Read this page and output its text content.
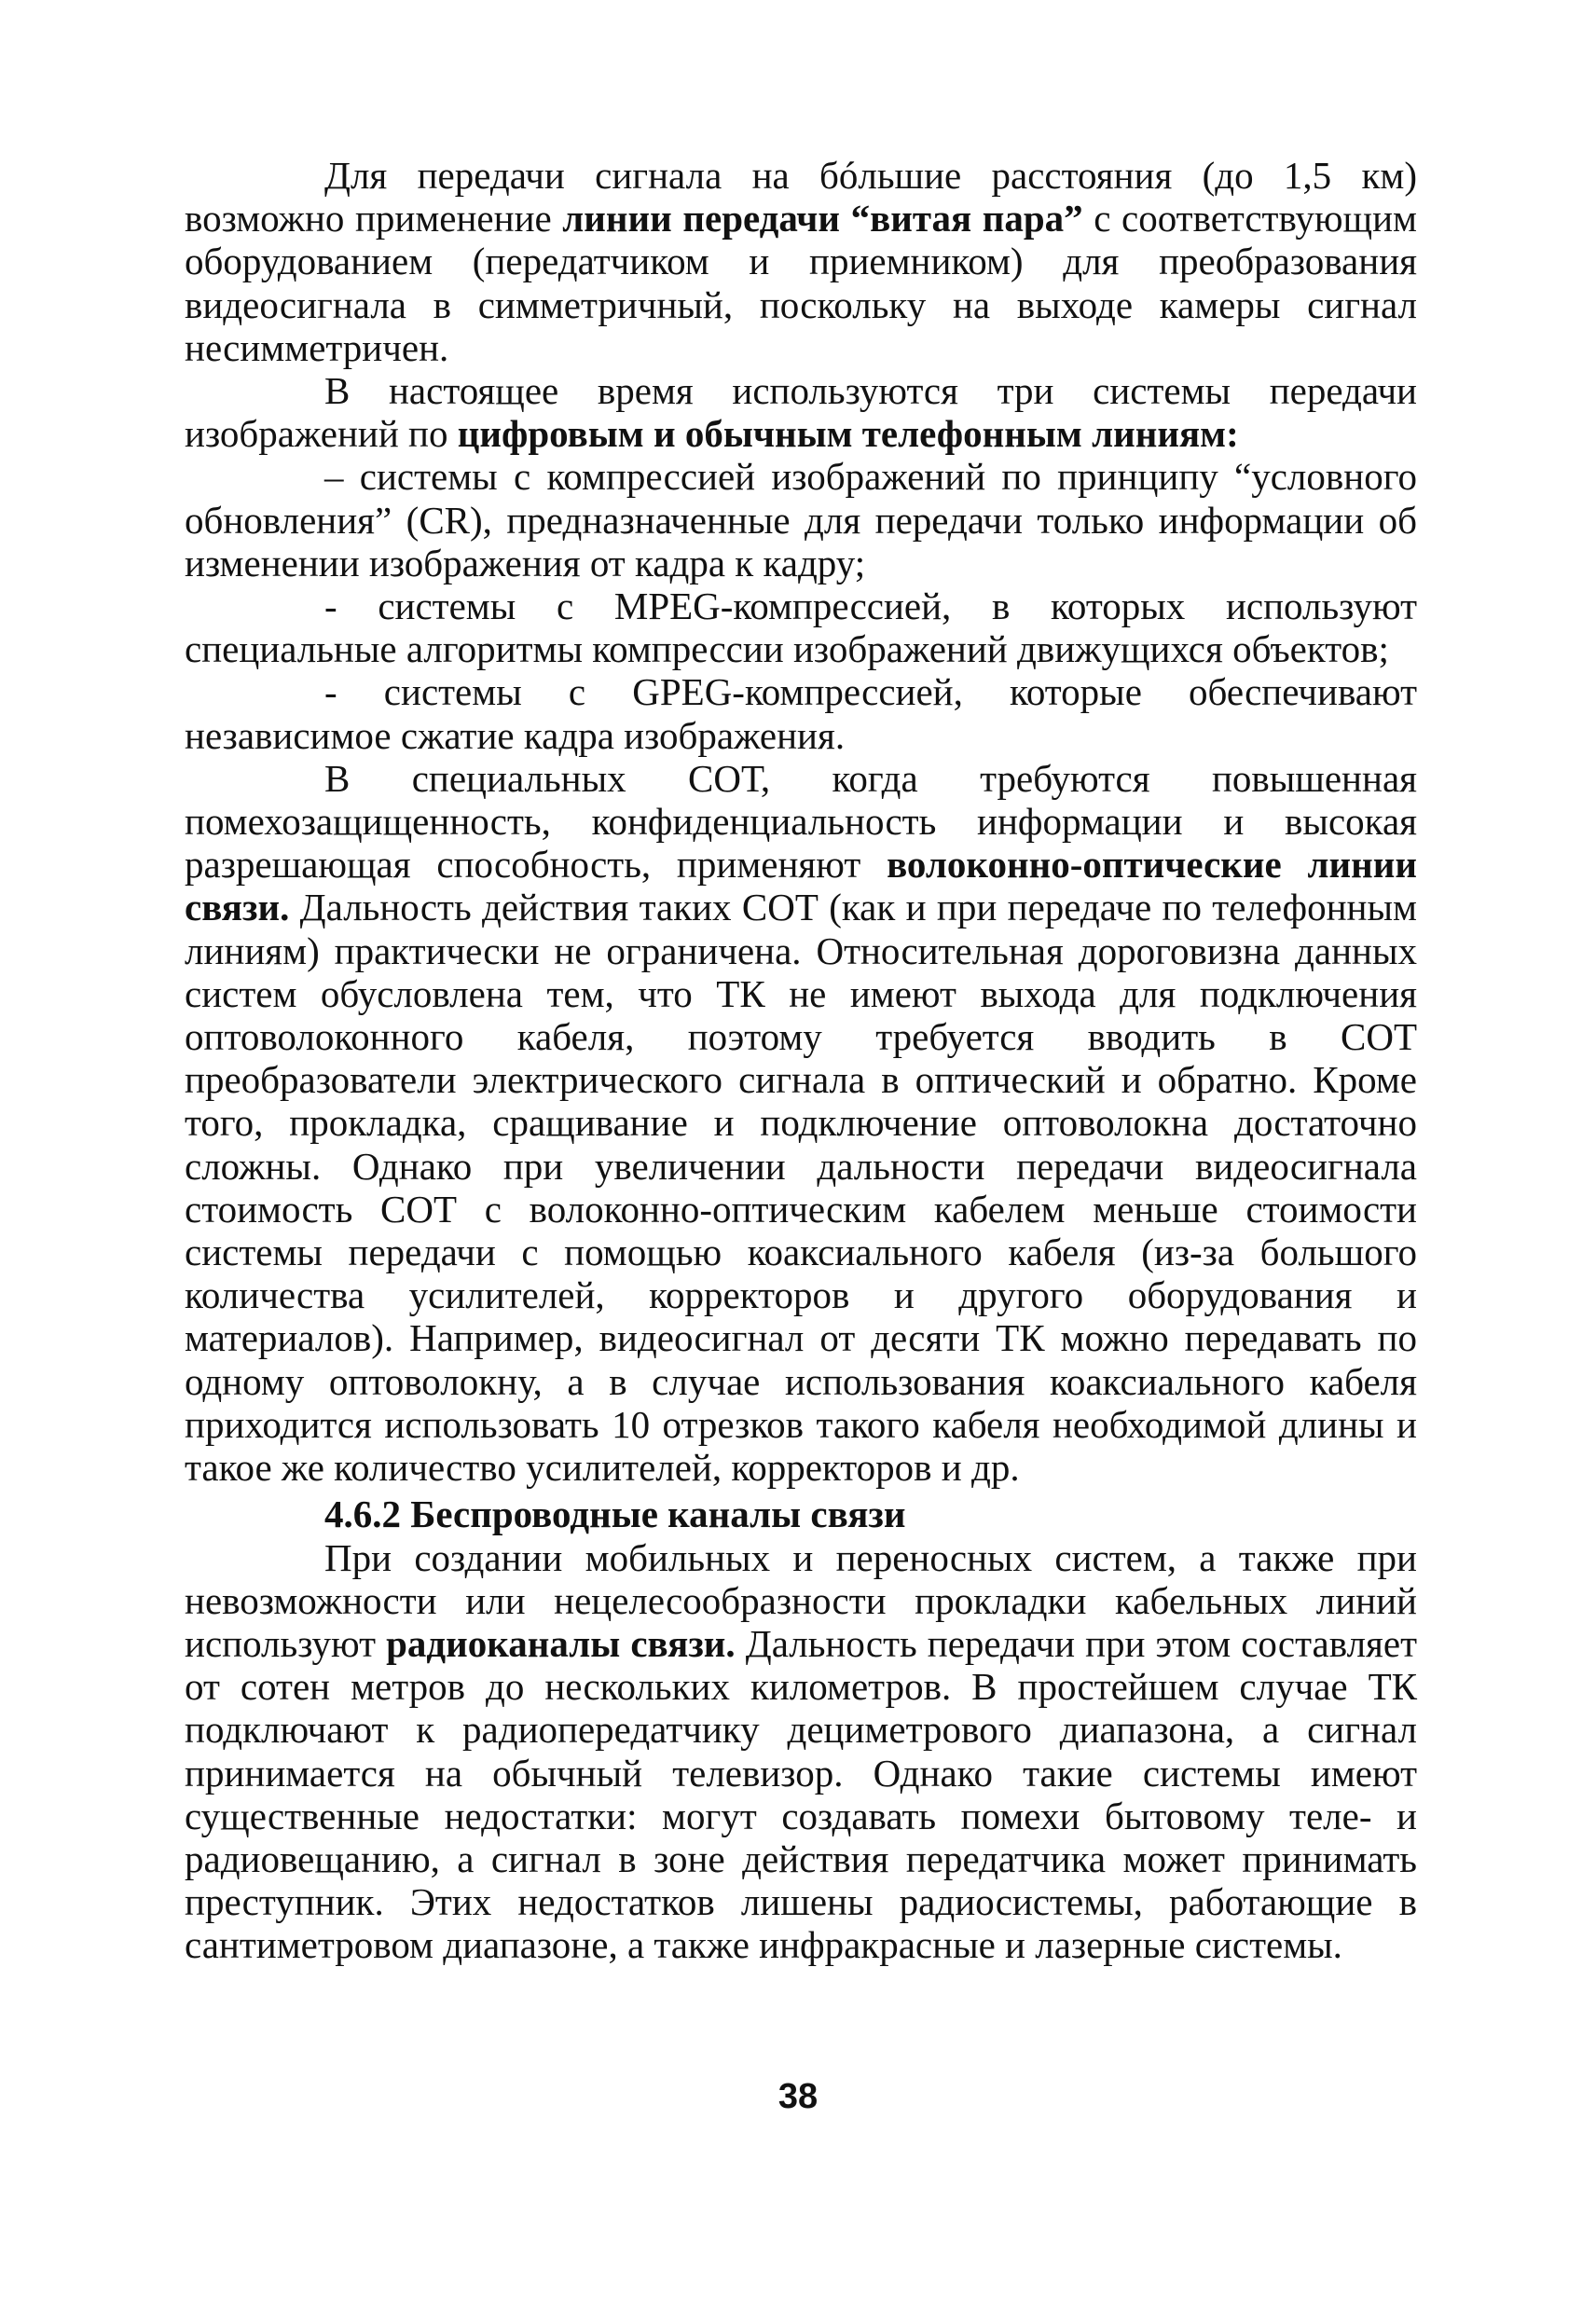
Для передачи сигнала на бóльшие расстояния (до 1,5 км) возможно применение линии передачи “витая пара” с соответствующим оборудованием (передатчиком и приемником) для преобразования видеосигнала в симметричный, поскольку на выходе камеры сигнал несимметричен.

В настоящее время используются три системы передачи изображений по цифровым и обычным телефонным линиям:

– системы с компрессией изображений по принципу “условного обновления” (CR), предназначенные для передачи только информации об изменении изображения от кадра к кадру;

- системы с MPEG-компрессией, в которых используют специальные алгоритмы компрессии изображений движущихся объектов;

- системы с GPEG-компрессией, которые обеспечивают независимое сжатие кадра изображения.

В специальных СОТ, когда требуются повышенная помехозащищенность, конфиденциальность информации и высокая разрешающая способность, применяют волоконно-оптические линии связи. Дальность действия таких СОТ (как и при передаче по телефонным линиям) практически не ограничена. Относительная дороговизна данных систем обусловлена тем, что ТК не имеют выхода для подключения оптоволоконного кабеля, поэтому требуется вводить в СОТ преобразователи электрического сигнала в оптический и обратно. Кроме того, прокладка, сращивание и подключение оптоволокна достаточно сложны. Однако при увеличении дальности передачи видеосигнала стоимость СОТ с волоконно-оптическим кабелем меньше стоимости системы передачи с помощью коаксиального кабеля (из-за большого количества усилителей, корректоров и другого оборудования и материалов). Например, видеосигнал от десяти ТК можно передавать по одному оптоволокну, а в случае использования коаксиального кабеля приходится использовать 10 отрезков такого кабеля необходимой длины и такое же количество усилителей, корректоров и др.

4.6.2 Беспроводные каналы связи

При создании мобильных и переносных систем, а также при невозможности или нецелесообразности прокладки кабельных линий используют радиоканалы связи. Дальность передачи при этом составляет от сотен метров до нескольких километров. В простейшем случае ТК подключают к радиопередатчику дециметрового диапазона, а сигнал принимается на обычный телевизор. Однако такие системы имеют существенные недостатки: могут создавать помехи бытовому теле- и радиовещанию, а сигнал в зоне действия передатчика может принимать преступник. Этих недостатков лишены радиосистемы, работающие в сантиметровом диапазоне, а также инфракрасные и лазерные системы.

38
